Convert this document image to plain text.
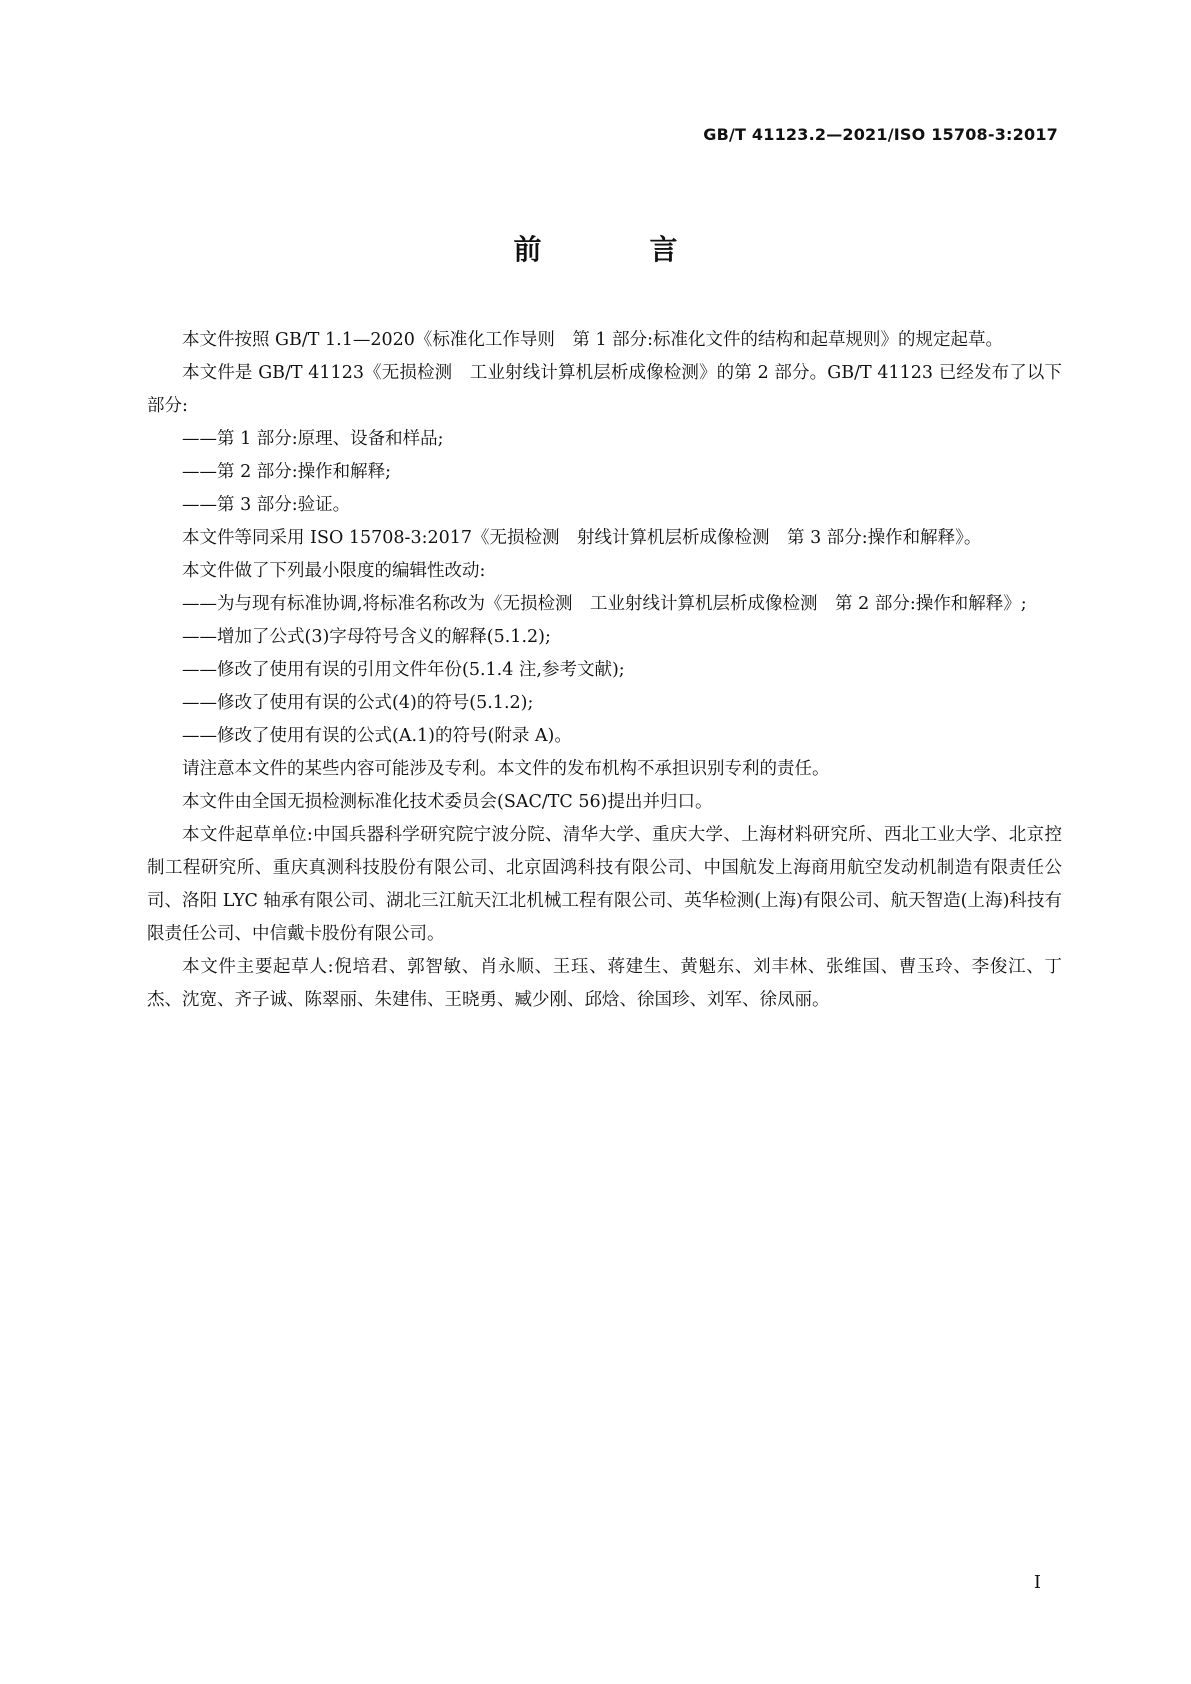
GB/T 41123.2—2021/ISO 15708-3:2017
前　言

本文件按照 GB/T 1.1—2020《标准化工作导则　第 1 部分:标准化文件的结构和起草规则》的规定起草。

本文件是 GB/T 41123《无损检测　工业射线计算机层析成像检测》的第 2 部分。GB/T 41123 已经发布了以下部分:

——第 1 部分:原理、设备和样品;

——第 2 部分:操作和解释;

——第 3 部分:验证。

本文件等同采用 ISO 15708-3:2017《无损检测　射线计算机层析成像检测　第 3 部分:操作和解释》。

本文件做了下列最小限度的编辑性改动:

——为与现有标准协调,将标准名称改为《无损检测　工业射线计算机层析成像检测　第 2 部分:操作和解释》;

——增加了公式(3)字母符号含义的解释(5.1.2);

——修改了使用有误的引用文件年份(5.1.4 注,参考文献);

——修改了使用有误的公式(4)的符号(5.1.2);

——修改了使用有误的公式(A.1)的符号(附录 A)。

请注意本文件的某些内容可能涉及专利。本文件的发布机构不承担识别专利的责任。

本文件由全国无损检测标准化技术委员会(SAC/TC 56)提出并归口。

本文件起草单位:中国兵器科学研究院宁波分院、清华大学、重庆大学、上海材料研究所、西北工业大学、北京控制工程研究所、重庆真测科技股份有限公司、北京固鸿科技有限公司、中国航发上海商用航空发动机制造有限责任公司、洛阳 LYC 轴承有限公司、湖北三江航天江北机械工程有限公司、英华检测(上海)有限公司、航天智造(上海)科技有限责任公司、中信戴卡股份有限公司。

本文件主要起草人:倪培君、郭智敏、肖永顺、王珏、蒋建生、黄魁东、刘丰林、张维国、曹玉玲、李俊江、丁杰、沈宽、齐子诚、陈翠丽、朱建伟、王晓勇、臧少刚、邱焓、徐国珍、刘军、徐凤丽。

I
